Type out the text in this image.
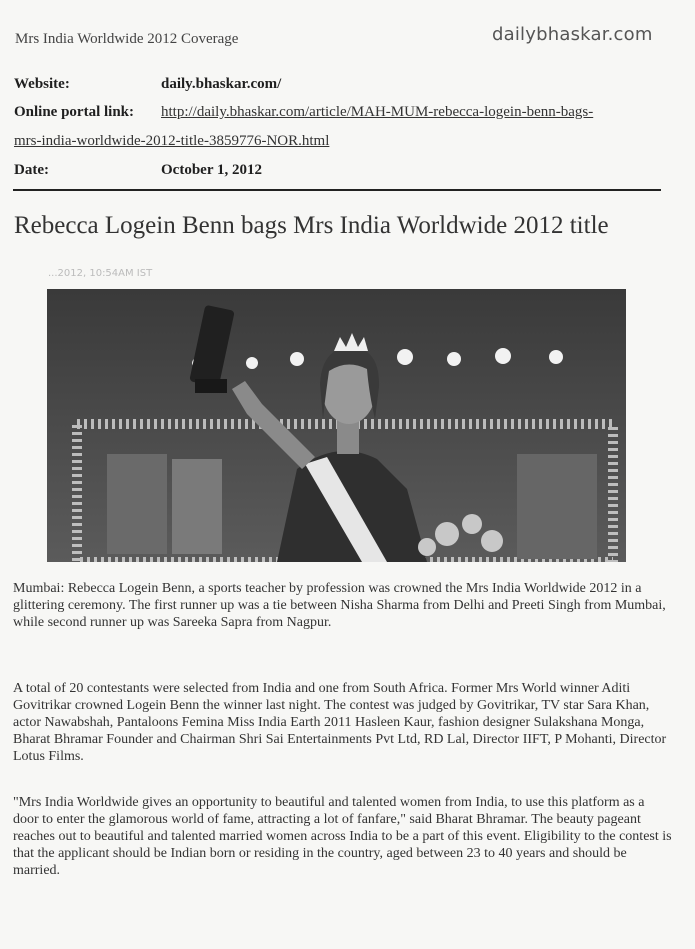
Mrs India Worldwide 2012 Coverage	dailybhaskar.com
Website:	daily.bhaskar.com/
Online portal link: http://daily.bhaskar.com/article/MAH-MUM-rebecca-logein-benn-bags-
mrs-india-worldwide-2012-title-3859776-NOR.html
Date:	October 1, 2012
Rebecca Logein Benn bags Mrs India Worldwide 2012 title
...2012, 10:54AM IST
Mumbai: Rebecca Logein Benn, a sports teacher by profession was crowned the Mrs India Worldwide 2012 in a glittering ceremony. The first runner up was a tie between Nisha Sharma from Delhi and Preeti Singh from Mumbai, while second runner up was Sareeka Sapra from Nagpur.
A total of 20 contestants were selected from India and one from South Africa. Former Mrs World winner Aditi Govitrikar crowned Logein Benn the winner last night. The contest was judged by Govitrikar, TV star Sara Khan, actor Nawabshah, Pantaloons Femina Miss India Earth 2011 Hasleen Kaur, fashion designer Sulakshana Monga, Bharat Bhramar Founder and Chairman Shri Sai Entertainments Pvt Ltd, RD Lal, Director IIFT, P Mohanti, Director Lotus Films.
"Mrs India Worldwide gives an opportunity to beautiful and talented women from India, to use this platform as a door to enter the glamorous world of fame, attracting a lot of fanfare," said Bharat Bhramar. The beauty pageant reaches out to beautiful and talented married women across India to be a part of this event. Eligibility to the contest is that the applicant should be Indian born or residing in the country, aged between 23 to 40 years and should be married.
